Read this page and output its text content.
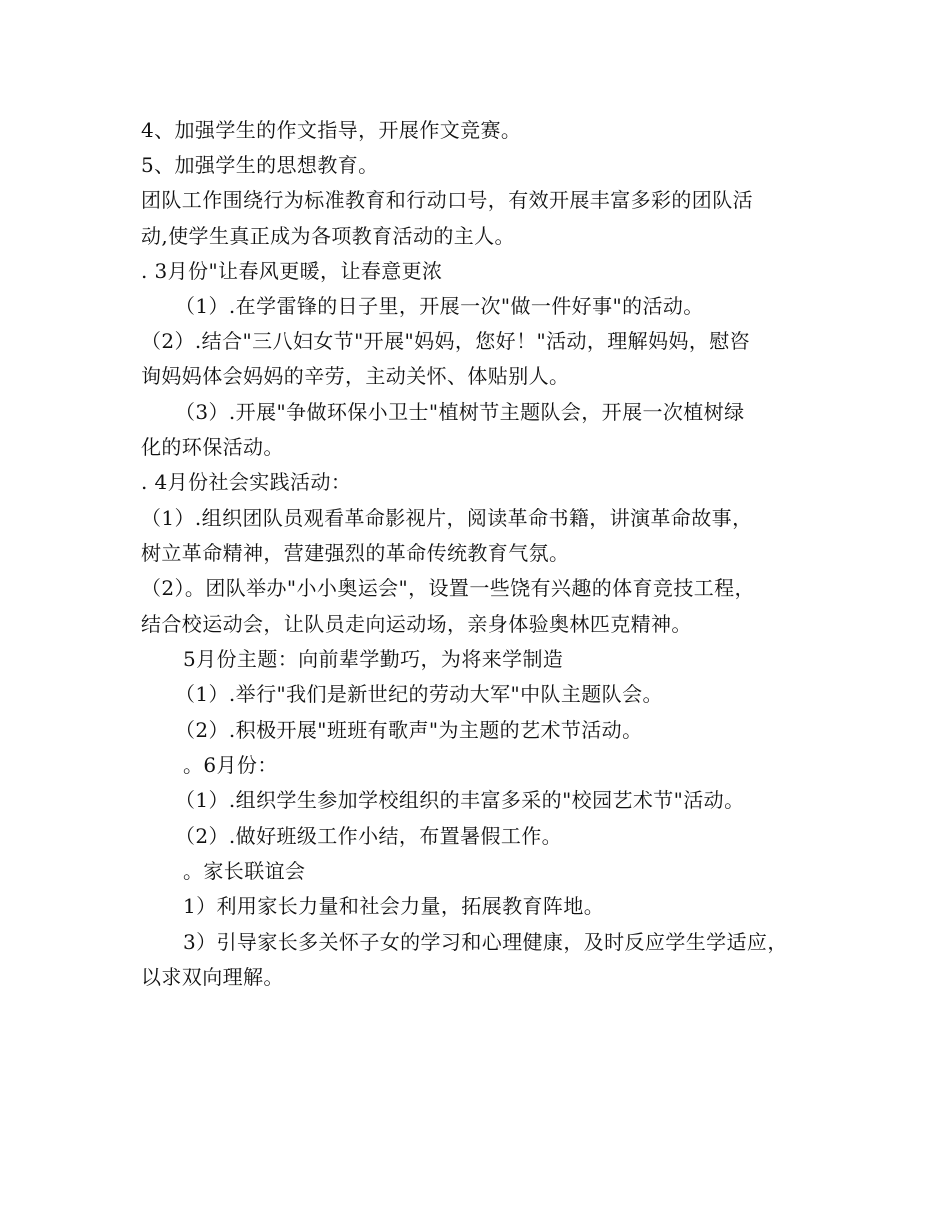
4、加强学生的作文指导，开展作文竞赛。
5、加强学生的思想教育。
团队工作围绕行为标准教育和行动口号，有效开展丰富多彩的团队活
动,使学生真正成为各项教育活动的主人。
. 3月份"让春风更暖，让春意更浓
（1）.在学雷锋的日子里，开展一次"做一件好事"的活动。
（2）.结合"三八妇女节"开展"妈妈，您好！"活动，理解妈妈，慰咨
询妈妈体会妈妈的辛劳，主动关怀、体贴别人。
（3）.开展"争做环保小卫士"植树节主题队会，开展一次植树绿
化的环保活动。
. 4月份社会实践活动：
（1）.组织团队员观看革命影视片，阅读革命书籍，讲演革命故事，
树立革命精神，营建强烈的革命传统教育气氛。
（2）。团队举办"小小奥运会"，设置一些饶有兴趣的体育竞技工程，
结合校运动会，让队员走向运动场，亲身体验奥林匹克精神。
5月份主题：向前辈学勤巧，为将来学制造
（1）.举行"我们是新世纪的劳动大军"中队主题队会。
（2）.积极开展"班班有歌声"为主题的艺术节活动。
。6月份：
（1）.组织学生参加学校组织的丰富多采的"校园艺术节"活动。
（2）.做好班级工作小结，布置暑假工作。
。家长联谊会
1）利用家长力量和社会力量，拓展教育阵地。
3）引导家长多关怀子女的学习和心理健康，及时反应学生学适应，
以求双向理解。
